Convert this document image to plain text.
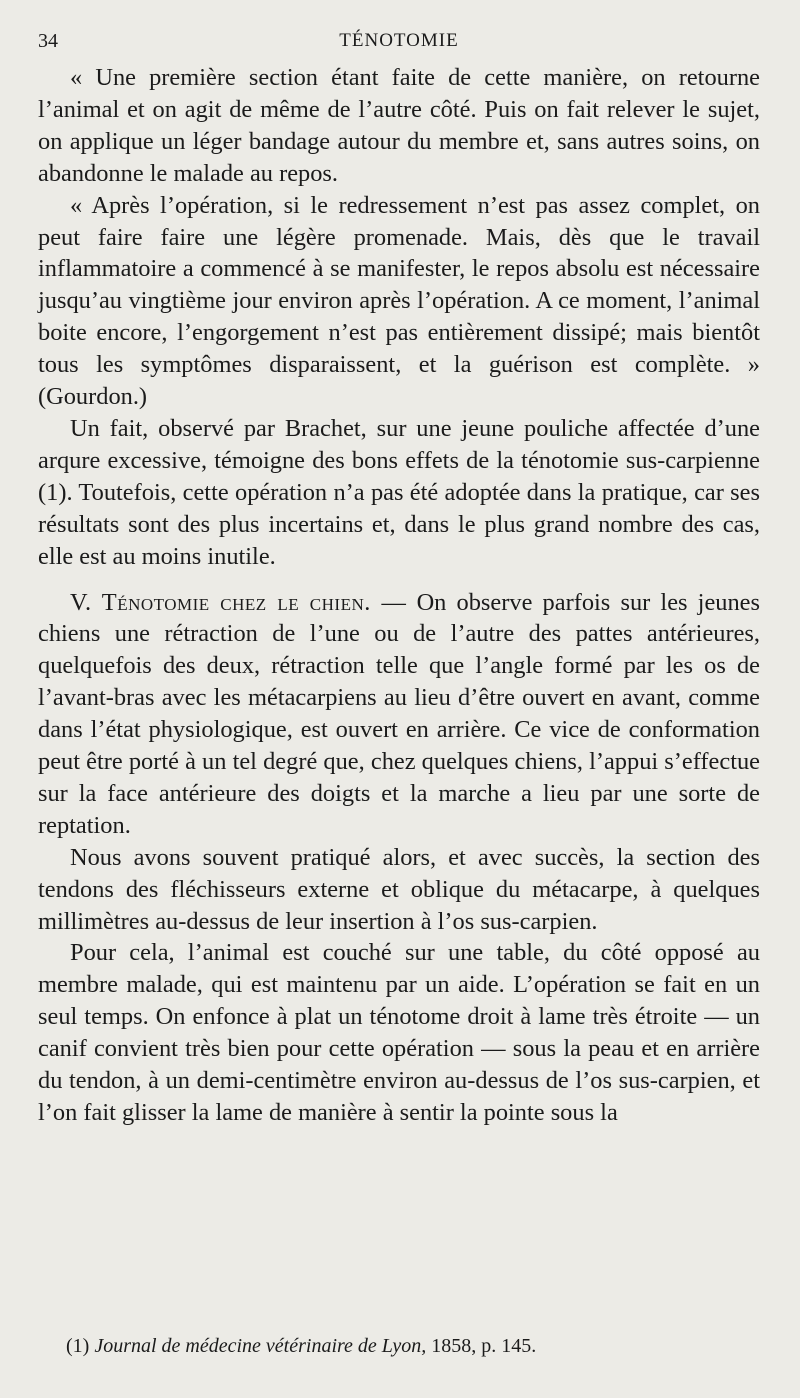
34	TÉNOTOMIE

« Une première section étant faite de cette manière, on retourne l’animal et on agit de même de l’autre côté. Puis on fait relever le sujet, on applique un léger bandage autour du membre et, sans autres soins, on abandonne le malade au repos.

« Après l’opération, si le redressement n’est pas assez complet, on peut faire faire une légère promenade. Mais, dès que le travail inflammatoire a commencé à se manifester, le repos absolu est nécessaire jusqu’au vingtième jour environ après l’opération. A ce moment, l’animal boite encore, l’engorgement n’est pas entièrement dissipé; mais bientôt tous les symptômes disparaissent, et la guérison est complète. » (Gourdon.)

Un fait, observé par Brachet, sur une jeune pouliche affectée d’une arqure excessive, témoigne des bons effets de la ténotomie sus-carpienne (1). Toutefois, cette opération n’a pas été adoptée dans la pratique, car ses résultats sont des plus incertains et, dans le plus grand nombre des cas, elle est au moins inutile.

V. Ténotomie chez le chien. — On observe parfois sur les jeunes chiens une rétraction de l’une ou de l’autre des pattes antérieures, quelquefois des deux, rétraction telle que l’angle formé par les os de l’avant-bras avec les métacarpiens au lieu d’être ouvert en avant, comme dans l’état physiologique, est ouvert en arrière. Ce vice de conformation peut être porté à un tel degré que, chez quelques chiens, l’appui s’effectue sur la face antérieure des doigts et la marche a lieu par une sorte de reptation.

Nous avons souvent pratiqué alors, et avec succès, la section des tendons des fléchisseurs externe et oblique du métacarpe, à quelques millimètres au-dessus de leur insertion à l’os sus-carpien.

Pour cela, l’animal est couché sur une table, du côté opposé au membre malade, qui est maintenu par un aide. L’opération se fait en un seul temps. On enfonce à plat un ténotome droit à lame très étroite — un canif convient très bien pour cette opération — sous la peau et en arrière du tendon, à un demi-centimètre environ au-dessus de l’os sus-carpien, et l’on fait glisser la lame de manière à sentir la pointe sous la

(1) Journal de médecine vétérinaire de Lyon, 1858, p. 145.
